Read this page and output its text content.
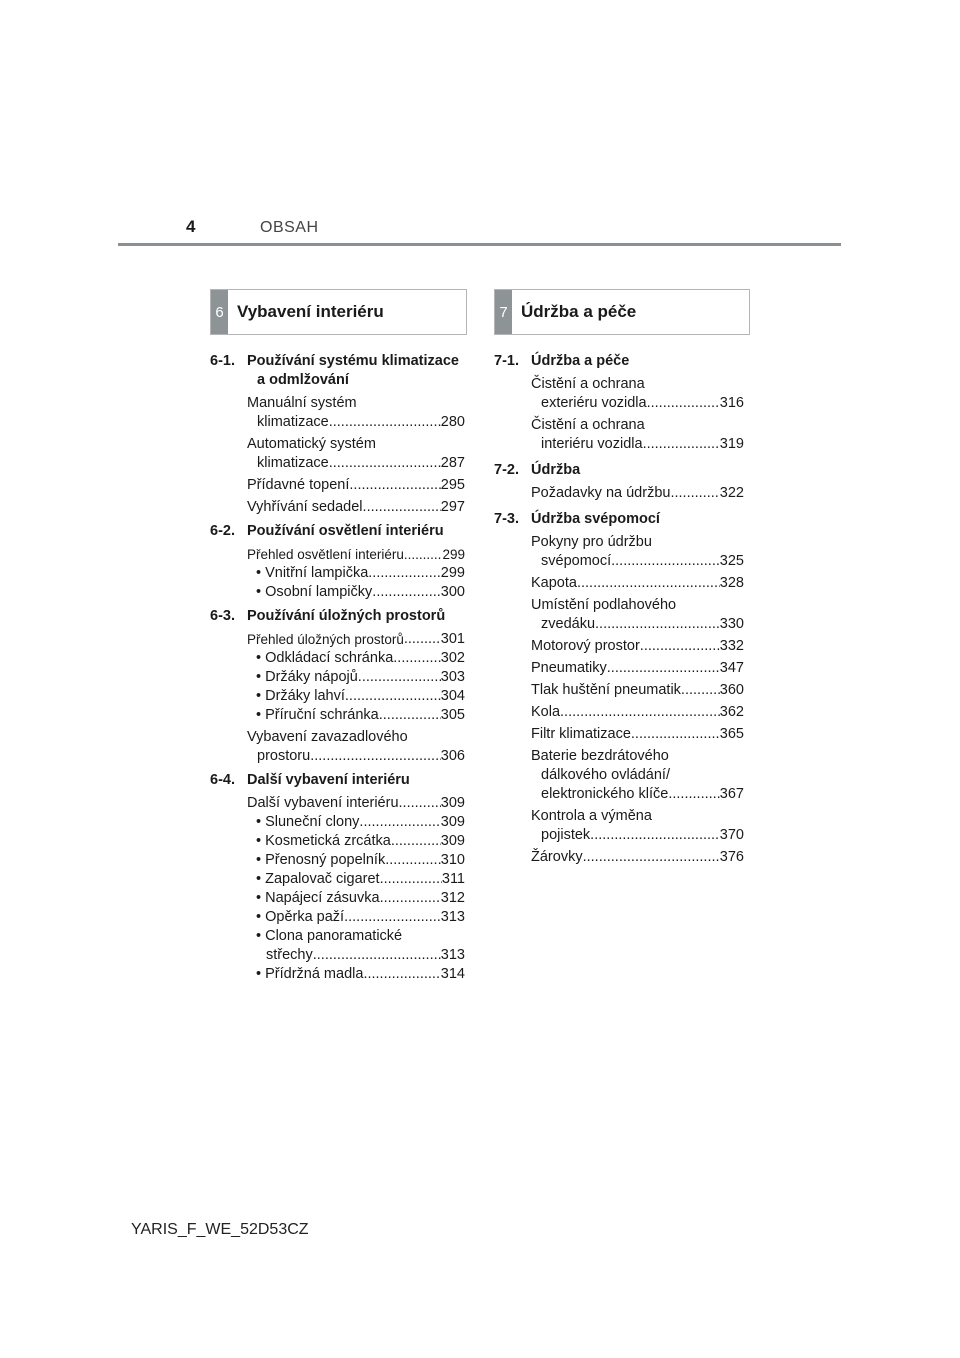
4	OBSAH
6 Vybavení interiéru	7 Údržba a péče
6-1. Používání systému klimatizace
a odmlžování
Manuální systém
klimatizace .....	280
Automatický systém
klimatizace .....	287
Přídavné topení .....	295
Vyhřívání sedadel .....	297
6-2. Používání osvětlení interiéru
Přehled osvětlení interiéru .....	299
• Vnitřní lampička .....	299
• Osobní lampičky .....	300
6-3. Používání úložných prostorů
Přehled úložných prostorů .....	301
• Odkládací schránka .....	302
• Držáky nápojů .....	303
• Držáky lahví .....	304
• Příruční schránka .....	305
Vybavení zavazadlového
prostoru .....	306
6-4. Další vybavení interiéru
Další vybavení interiéru .....	309
• Sluneční clony .....	309
• Kosmetická zrcátka .....	309
• Přenosný popelník .....	310
• Zapalovač cigaret .....	311
• Napájecí zásuvka .....	312
• Opěrka paží .....	313
• Clona panoramatické
střechy .....	313
• Přídržná madla .....	314
7-1. Údržba a péče
Čistění a ochrana
exteriéru vozidla .....	316
Čistění a ochrana
interiéru vozidla .....	319
7-2. Údržba
Požadavky na údržbu .....	322
7-3. Údržba svépomocí
Pokyny pro údržbu
svépomocí .....	325
Kapota .....	328
Umístění podlahového
zvedáku .....	330
Motorový prostor .....	332
Pneumatiky .....	347
Tlak huštění pneumatik .....	360
Kola .....	362
Filtr klimatizace .....	365
Baterie bezdrátového
dálkového ovládání/
elektronického klíče .....	367
Kontrola a výměna
pojistek .....	370
Žárovky .....	376
YARIS_F_WE_52D53CZ
